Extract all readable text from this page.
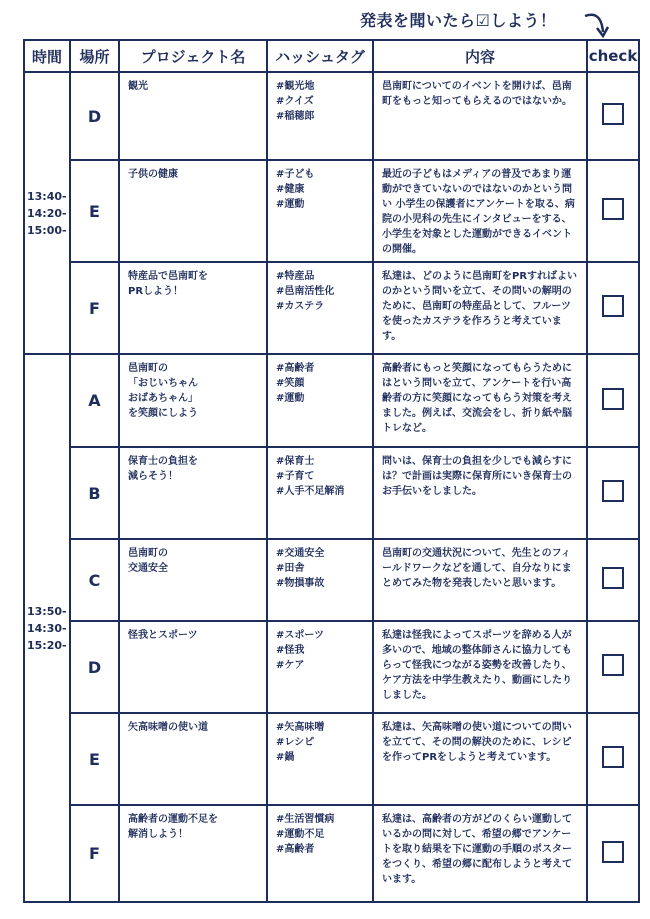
発表を聞いたら☑しよう！
時間	場所	プロジェクト名	ハッシュタグ	内容	check
13:40-
14:20-
15:00-	D	観光	#観光地
#クイズ
#稲穂郎	邑南町についてのイベントを開けば、邑南町をもっと知ってもらえるのではないか。	
	E	子供の健康	#子ども
#健康
#運動	最近の子どもはメディアの普及であまり運動ができていないのではないのかという問い 小学生の保護者にアンケートを取る、病院の小児科の先生にインタビューをする、小学生を対象とした運動ができるイベントの開催。	
	F	特産品で邑南町を
PRしよう！	#特産品
#邑南活性化
#カステラ	私達は、どのように邑南町をPRすればよいのかという問いを立て、その問いの解明のために、邑南町の特産品として、フルーツを使ったカステラを作ろうと考えています。	
13:50-
14:30-
15:20-	A	邑南町の
「おじいちゃん
おばあちゃん」
を笑顔にしよう	#高齢者
#笑顔
#運動	高齢者にもっと笑顔になってもらうためにはという問いを立て、アンケートを行い高齢者の方に笑顔になってもらう対策を考えました。例えば、交流会をし、折り紙や脳トレなど。	
	B	保育士の負担を
減らそう！	#保育士
#子育て
#人手不足解消	問いは、保育士の負担を少しでも減らすには？で計画は実際に保育所にいき保育士のお手伝いをしました。	
	C	邑南町の
交通安全	#交通安全
#田舎
#物損事故	邑南町の交通状況について、先生とのフィールドワークなどを通して、自分なりにまとめてみた物を発表したいと思います。	
	D	怪我とスポーツ	#スポーツ
#怪我
#ケア	私達は怪我によってスポーツを辞める人が多いので、地域の整体師さんに協力してもらって怪我につながる姿勢を改善したり、ケア方法を中学生教えたり、動画にしたりしました。	
	E	矢高味噌の使い道	#矢高味噌
#レシピ
#鍋	私達は、矢高味噌の使い道についての問いを立てて、その問の解決のために、レシピを作ってPRをしようと考えています。	
	F	高齢者の運動不足を
解消しよう！	#生活習慣病
#運動不足
#高齢者	私達は、高齢者の方がどのくらい運動しているかの問に対して、希望の郷でアンケートを取り結果を下に運動の手順のポスターをつくり、希望の郷に配布しようと考えています。	
